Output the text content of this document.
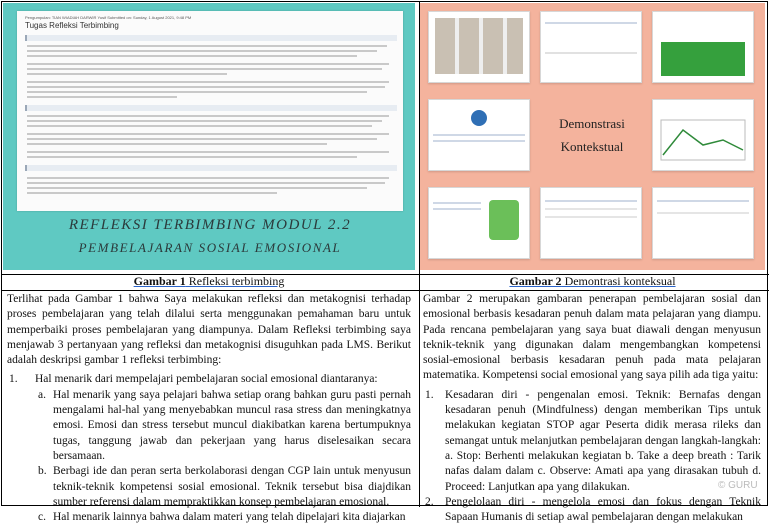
Pengumpulan: TIAN WIADIAH DARWIR Yusif Submitted on: Sunday, 1 August 2021, 9:48 PM
Tugas Refleksi Terbimbing
REFLEKSI TERBIMBING MODUL 2.2
PEMBELAJARAN SOSIAL EMOSIONAL
Demonstrasi
Kontekstual
Gambar 1 Refleksi terbimbing	Gambar 2 Demontrasi konteksual
Terlihat pada Gambar 1 bahwa Saya melakukan refleksi dan metakognisi terhadap proses pembelajaran yang telah dilalui serta menggunakan pemahaman baru untuk memperbaiki proses pembelajaran yang diampunya. Dalam Refleksi terbimbing saya menjawab 3 pertanyaan yang refleksi dan metakognisi disuguhkan pada LMS. Berikut adalah deskripsi gambar 1 refleksi terbimbing:
1. Hal menarik dari mempelajari pembelajaran social emosional diantaranya:
a. Hal menarik yang saya pelajari bahwa setiap orang bahkan guru pasti pernah mengalami hal-hal yang menyebabkan muncul rasa stress dan meningkatnya emosi. Emosi dan stress tersebut muncul diakibatkan karena bertumpuknya tugas, tanggung jawab dan pekerjaan yang harus diselesaikan secara bersamaan.
b. Berbagi ide dan peran serta berkolaborasi dengan CGP lain untuk menyusun teknik-teknik kompetensi sosial emosional. Teknik tersebut bisa diajdikan sumber referensi dalam mempraktikkan konsep pembelajaran emosional.
c. Hal menarik lainnya bahwa dalam materi yang telah dipelajari kita diajarkan
Gambar 2 merupakan gambaran penerapan pembelajaran sosial dan emosional berbasis kesadaran penuh dalam mata pelajaran yang diampu. Pada rencana pembelajaran yang saya buat diawali dengan menyusun teknik-teknik yang digunakan dalam mengembangkan kompetensi sosial-emosional berbasis kesadaran penuh pada mata pelajaran matematika. Kompetensi social emosional yang saya pilih ada tiga yaitu:
1. Kesadaran diri - pengenalan emosi. Teknik: Bernafas dengan kesadaran penuh (Mindfulness) dengan memberikan Tips untuk melakukan kegiatan STOP agar Peserta didik merasa rileks dan semangat untuk melanjutkan pembelajaran dengan langkah-langkah: a. Stop: Berhenti melakukan kegiatan b. Take a deep breath : Tarik nafas dalam dalam c. Observe: Amati apa yang dirasakan tubuh d. Proceed: Lanjutkan apa yang dilakukan.
2. Pengelolaan diri - mengelola emosi dan fokus dengan Teknik Sapaan Humanis di setiap awal pembelajaran dengan melakukan
© GURU
